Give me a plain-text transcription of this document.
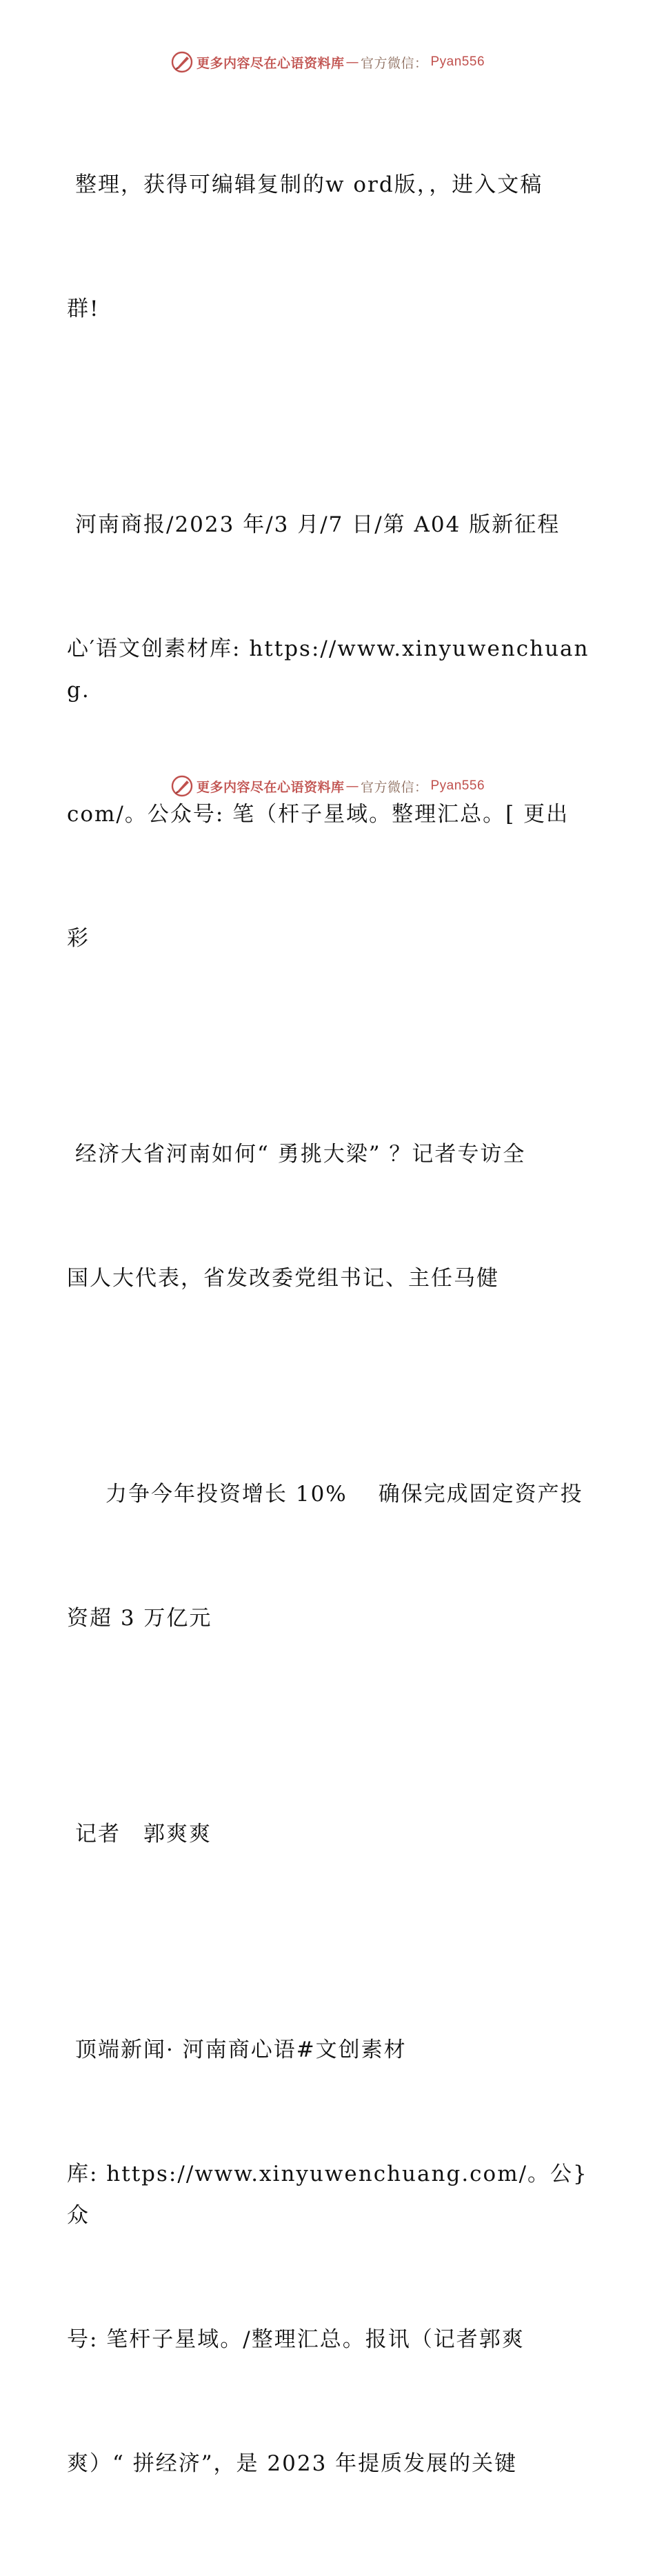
更多内容尽在心语资料库 — 官方微信： Pyan556

整理，获得可编辑复制的w ord版，，进入文稿

群!

河南商报/2023 年/3 月/7 日/第 A04 版新征程

心′语文创素材库: https://www.xinyuwenchuang.

com/。公众号: 笔（杆子星域。整理汇总。[ 更出

彩

经济大省河南如何“ 勇挑大梁” ？记者专访全

国人大代表，省发改委党组书记、主任马健

力争今年投资增长 10%　 确保完成固定资产投

资超 3 万亿元

记者　郭爽爽

顶端新闻· 河南商心语#文创素材

库: https://www.xinyuwenchuang.com/。公}众

号: 笔杆子星域。/整理汇总。报讯（记者郭爽

爽）“ 拼经济”，是 2023 年提质发展的关键

更多内容尽在心语资料库 — 官方微信： Pyan556
